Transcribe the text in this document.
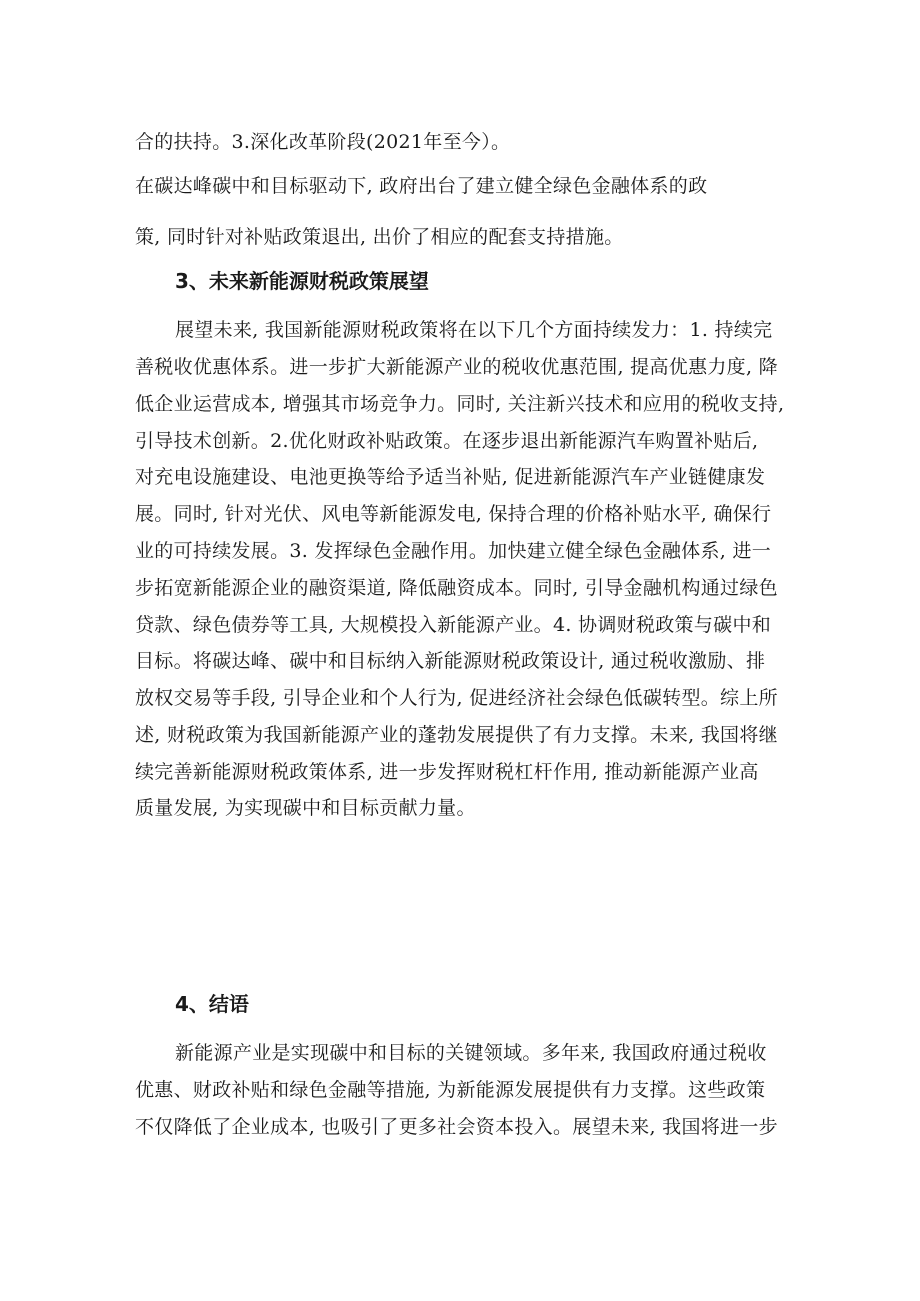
合的扶持。3.深化改革阶段(2021年至今）。
在碳达峰碳中和目标驱动下, 政府出台了建立健全绿色金融体系的政
策, 同时针对补贴政策退出, 出价了相应的配套支持措施。
3、未来新能源财税政策展望
展望未来, 我国新能源财税政策将在以下几个方面持续发力：1. 持续完
善税收优惠体系。进一步扩大新能源产业的税收优惠范围, 提高优惠力度, 降
低企业运营成本, 增强其市场竞争力。同时, 关注新兴技术和应用的税收支持,
引导技术创新。2.优化财政补贴政策。在逐步退出新能源汽车购置补贴后,
对充电设施建设、电池更换等给予适当补贴, 促进新能源汽车产业链健康发
展。同时, 针对光伏、风电等新能源发电, 保持合理的价格补贴水平, 确保行
业的可持续发展。3. 发挥绿色金融作用。加快建立健全绿色金融体系, 进一
步拓宽新能源企业的融资渠道, 降低融资成本。同时, 引导金融机构通过绿色
贷款、绿色债券等工具, 大规模投入新能源产业。4. 协调财税政策与碳中和
目标。将碳达峰、碳中和目标纳入新能源财税政策设计, 通过税收激励、排
放权交易等手段, 引导企业和个人行为, 促进经济社会绿色低碳转型。综上所
述, 财税政策为我国新能源产业的蓬勃发展提供了有力支撑。未来, 我国将继
续完善新能源财税政策体系, 进一步发挥财税杠杆作用, 推动新能源产业高
质量发展, 为实现碳中和目标贡献力量。
4、结语
新能源产业是实现碳中和目标的关键领域。多年来, 我国政府通过税收
优惠、财政补贴和绿色金融等措施, 为新能源发展提供有力支撑。这些政策
不仅降低了企业成本, 也吸引了更多社会资本投入。展望未来, 我国将进一步
